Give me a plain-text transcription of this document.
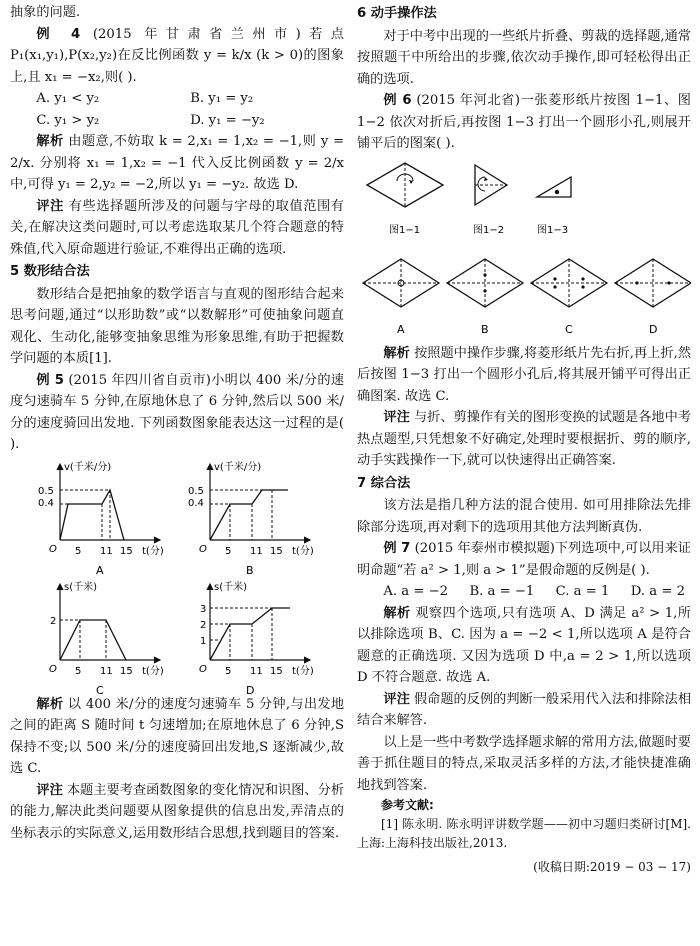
抽象的问题.

例 4 (2015 年甘肃省兰州市)若点 P₁(x₁,y₁),P(x₂,y₂)在反比例函数 y = k/x (k > 0)的图象上,且 x₁ = −x₂,则( ).

A. y₁ < y₂	B. y₁ = y₂
C. y₁ > y₂	D. y₁ = −y₂

解析 由题意,不妨取 k = 2,x₁ = 1,x₂ = −1,则 y = 2/x. 分别将 x₁ = 1,x₂ = −1 代入反比例函数 y = 2/x 中,可得 y₁ = 2,y₂ = −2,所以 y₁ = −y₂. 故选 D.

评注 有些选择题所涉及的问题与字母的取值范围有关,在解决这类问题时,可以考虑选取某几个符合题意的特殊值,代入原命题进行验证,不难得出正确的选项.

5 数形结合法

数形结合是把抽象的数学语言与直观的图形结合起来思考问题,通过“以形助数”或“以数解形”可使抽象问题直观化、生动化,能够变抽象思维为形象思维,有助于把握数学问题的本质[1].

例 5 (2015 年四川省自贡市)小明以 400 米/分的速度匀速骑车 5 分钟,在原地休息了 6 分钟,然后以 500 米/分的速度骑回出发地. 下列函数图象能表达这一过程的是( ).

v(千米/分)
t(分)
O
0.5
0.4
5 11 15
A
v(千米/分)
t(分)
O
0.5
0.4
5 11 15
B
s(千米)
t(分)
O
2
5 11 15
C
s(千米)
t(分)
O
3
2
1
5 11 15
D

解析 以 400 米/分的速度匀速骑车 5 分钟,与出发地之间的距离 S 随时间 t 匀速增加;在原地休息了 6 分钟,S 保持不变;以 500 米/分的速度骑回出发地,S 逐渐减少,故选 C.

评注 本题主要考查函数图象的变化情况和识图、分析的能力,解决此类问题要从图象提供的信息出发,弄清点的坐标表示的实际意义,运用数形结合思想,找到题目的答案.

6 动手操作法

对于中考中出现的一些纸片折叠、剪裁的选择题,通常按照题干中所给出的步骤,依次动手操作,即可轻松得出正确的选项.

例 6 (2015 年河北省)一张菱形纸片按图 1−1、图 1−2 依次对折后,再按图 1−3 打出一个圆形小孔,则展开铺平后的图案( ).

图1−1	图1−2	图1−3
A	B	C	D

解析 按照题中操作步骤,将菱形纸片先右折,再上折,然后按图 1−3 打出一个圆形小孔后,将其展开铺平可得出正确图案. 故选 C.

评注 与折、剪操作有关的图形变换的试题是各地中考热点题型,只凭想象不好确定,处理时要根据折、剪的顺序,动手实践操作一下,就可以快速得出正确答案.

7 综合法

该方法是指几种方法的混合使用. 如可用排除法先排除部分选项,再对剩下的选项用其他方法判断真伪.

例 7 (2015 年泰州市模拟题)下列选项中,可以用来证明命题“若 a² > 1,则 a > 1”是假命题的反例是( ).

A. a = −2 B. a = −1 C. a = 1 D. a = 2

解析 观察四个选项,只有选项 A、D 满足 a² > 1,所以排除选项 B、C. 因为 a = −2 < 1,所以选项 A 是符合题意的正确选项. 又因为选项 D 中,a = 2 > 1,所以选项 D 不符合题意. 故选 A.

评注 假命题的反例的判断一般采用代入法和排除法相结合来解答.

以上是一些中考数学选择题求解的常用方法,做题时要善于抓住题目的特点,采取灵活多样的方法,才能快捷准确地找到答案.

参考文献:

[1] 陈永明. 陈永明评讲数学题——初中习题归类研讨[M]. 上海:上海科技出版社,2013.

(收稿日期:2019 − 03 − 17)
